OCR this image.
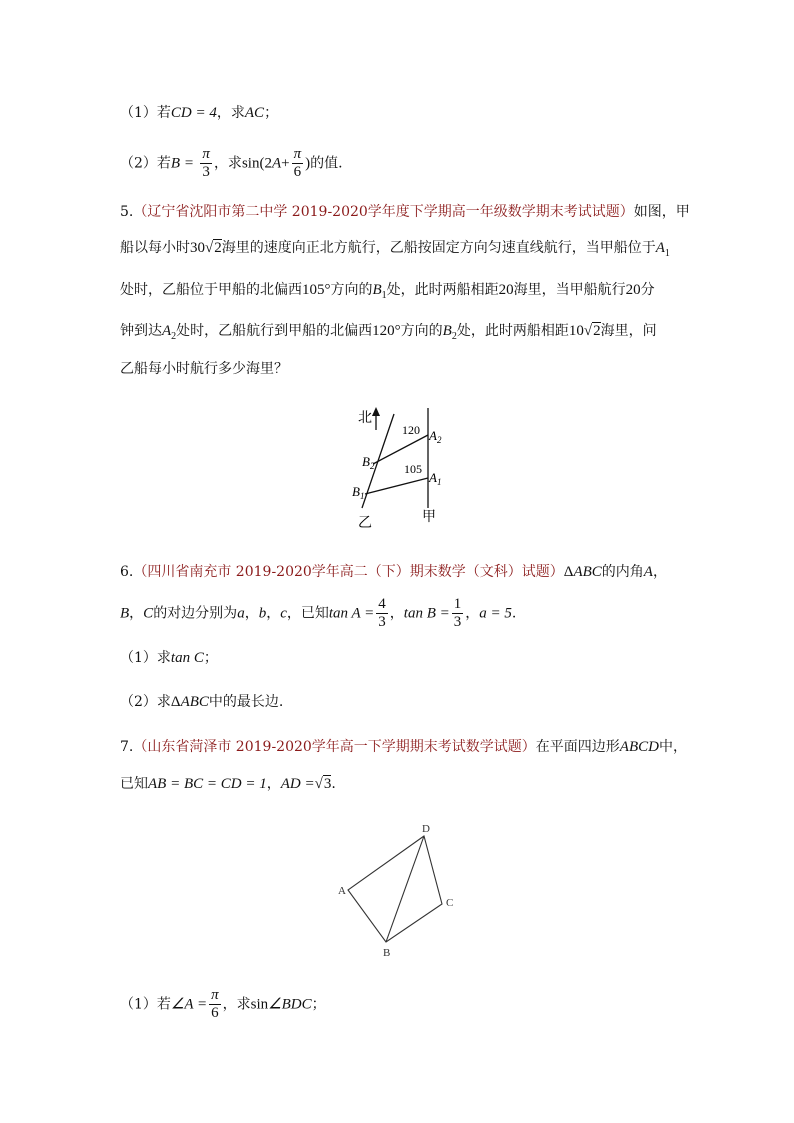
（1）若CD = 4，求AC；
（2）若$B = \frac{\pi}{3}$ ，求$\sin(2A+ \frac{\pi}{6}$ )的值.
5.（辽宁省沈阳市第二中学 2019-2020学年度下学期高一年级数学期末考试试题）如图，甲
船以每小时30√2海里的速度向正北方航行，乙船按固定方向匀速直线航行，当甲船位于$A_1$
处时，乙船位于甲船的北偏西105°方向的$B_1$处，此时两船相距20海里，当甲船航行20分
钟到达$A_2$处时，乙船航行到甲船的北偏西120°方向的$B_2$处，此时两船相距10√2海里，问
乙船每小时航行多少海里？
北
120
105
$B_2$
$B_1$
$A_2$
$A_1$
乙	甲
6.（四川省南充市 2019-2020学年高二（下）期末数学（文科）试题）ΔABC的内角A，
B，C的对边分别为a，b，c，已知$\tan A = \frac{4}{3}$ ，$\tan B = \frac{1}{3}$ ，a = 5.
（1）求tan C；
（2）求ΔABC中的最长边.
7.（山东省菏泽市 2019-2020学年高一下学期期末考试数学试题）在平面四边形ABCD中，
已知AB = BC = CD = 1，AD =√3.
D
A
C
B
（1）若∠A = $\frac{\pi}{6}$ ，求sin∠BDC；
